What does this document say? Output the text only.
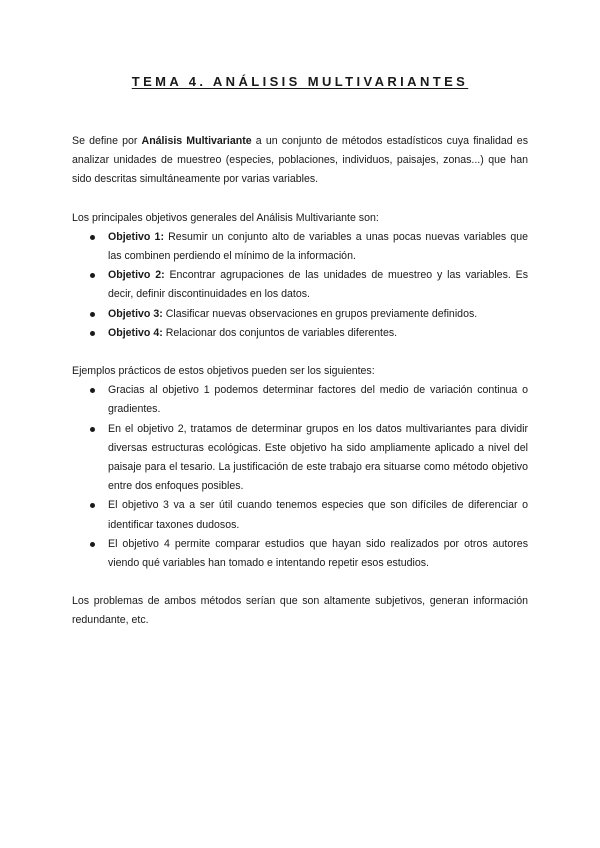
TEMA 4. ANÁLISIS MULTIVARIANTES

Se define por Análisis Multivariante a un conjunto de métodos estadísticos cuya finalidad es analizar unidades de muestreo (especies, poblaciones, individuos, paisajes, zonas...) que han sido descritas simultáneamente por varias variables.

Los principales objetivos generales del Análisis Multivariante son:

Objetivo 1: Resumir un conjunto alto de variables a unas pocas nuevas variables que las combinen perdiendo el mínimo de la información.
Objetivo 2: Encontrar agrupaciones de las unidades de muestreo y las variables. Es decir, definir discontinuidades en los datos.
Objetivo 3: Clasificar nuevas observaciones en grupos previamente definidos.
Objetivo 4: Relacionar dos conjuntos de variables diferentes.

Ejemplos prácticos de estos objetivos pueden ser los siguientes:

Gracias al objetivo 1 podemos determinar factores del medio de variación continua o gradientes.
En el objetivo 2, tratamos de determinar grupos en los datos multivariantes para dividir diversas estructuras ecológicas. Este objetivo ha sido ampliamente aplicado a nivel del paisaje para el tesario. La justificación de este trabajo era situarse como método objetivo entre dos enfoques posibles.
El objetivo 3 va a ser útil cuando tenemos especies que son difíciles de diferenciar o identificar taxones dudosos.
El objetivo 4 permite comparar estudios que hayan sido realizados por otros autores viendo qué variables han tomado e intentando repetir esos estudios.

Los problemas de ambos métodos serían que son altamente subjetivos, generan información redundante, etc.
